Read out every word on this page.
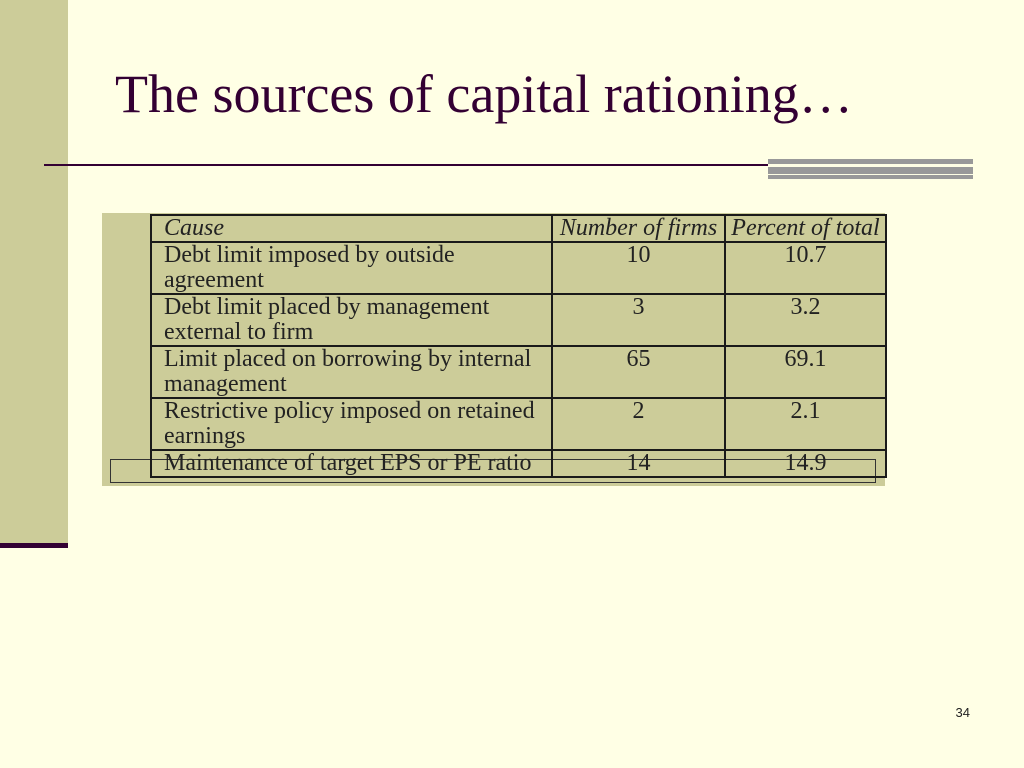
The sources of capital rationing…
Cause	Number of firms	Percent of total
Debt limit imposed by outside agreement	10	10.7
Debt limit placed by management external to firm	3	3.2
Limit placed on borrowing by internal management	65	69.1
Restrictive policy imposed on retained earnings	2	2.1
Maintenance of target EPS or PE ratio	14	14.9
34
